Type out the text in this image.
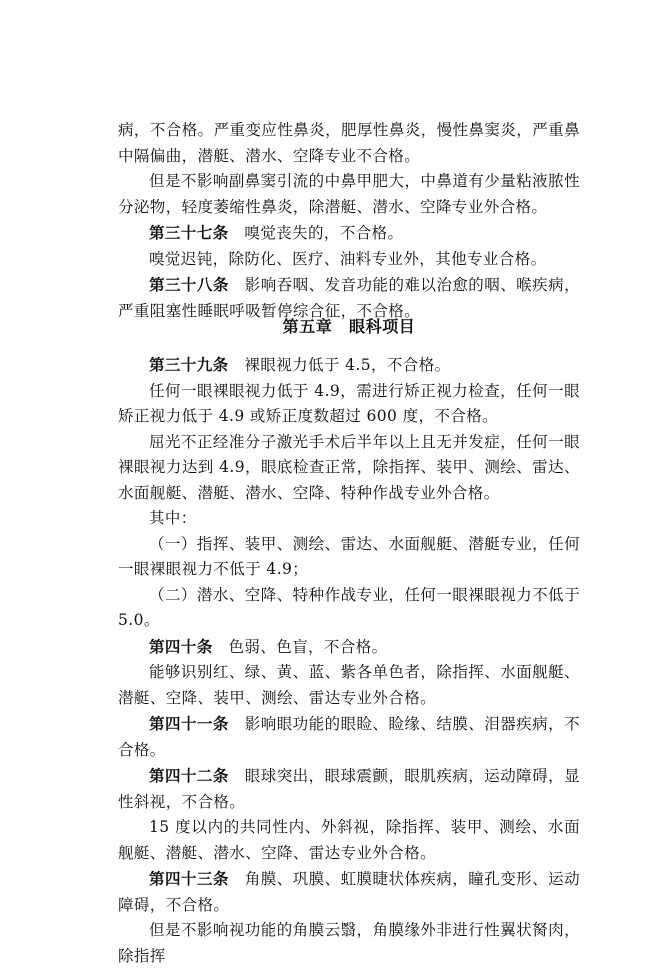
病，不合格。严重变应性鼻炎，肥厚性鼻炎，慢性鼻窦炎，严重鼻中隔偏曲，潜艇、潜水、空降专业不合格。

但是不影响副鼻窦引流的中鼻甲肥大，中鼻道有少量粘液脓性分泌物，轻度萎缩性鼻炎，除潜艇、潜水、空降专业外合格。

第三十七条　嗅觉丧失的，不合格。

嗅觉迟钝，除防化、医疗、油料专业外，其他专业合格。

第三十八条　影响吞咽、发音功能的难以治愈的咽、喉疾病，严重阻塞性睡眠呼吸暂停综合征，不合格。

第五章　眼科项目

第三十九条　裸眼视力低于 4.5，不合格。

任何一眼裸眼视力低于 4.9，需进行矫正视力检查，任何一眼矫正视力低于 4.9 或矫正度数超过 600 度，不合格。

屈光不正经准分子激光手术后半年以上且无并发症，任何一眼裸眼视力达到 4.9，眼底检查正常，除指挥、装甲、测绘、雷达、水面舰艇、潜艇、潜水、空降、特种作战专业外合格。

其中：

（一）指挥、装甲、测绘、雷达、水面舰艇、潜艇专业，任何一眼裸眼视力不低于 4.9；

（二）潜水、空降、特种作战专业，任何一眼裸眼视力不低于 5.0。

第四十条　色弱、色盲，不合格。

能够识别红、绿、黄、蓝、紫各单色者，除指挥、水面舰艇、潜艇、空降、装甲、测绘、雷达专业外合格。

第四十一条　影响眼功能的眼睑、睑缘、结膜、泪器疾病，不合格。

第四十二条　眼球突出，眼球震颤，眼肌疾病，运动障碍，显性斜视，不合格。

15 度以内的共同性内、外斜视，除指挥、装甲、测绘、水面舰艇、潜艇、潜水、空降、雷达专业外合格。

第四十三条　角膜、巩膜、虹膜睫状体疾病，瞳孔变形、运动障碍，不合格。

但是不影响视功能的角膜云翳，角膜缘外非进行性翼状胬肉，除指挥
